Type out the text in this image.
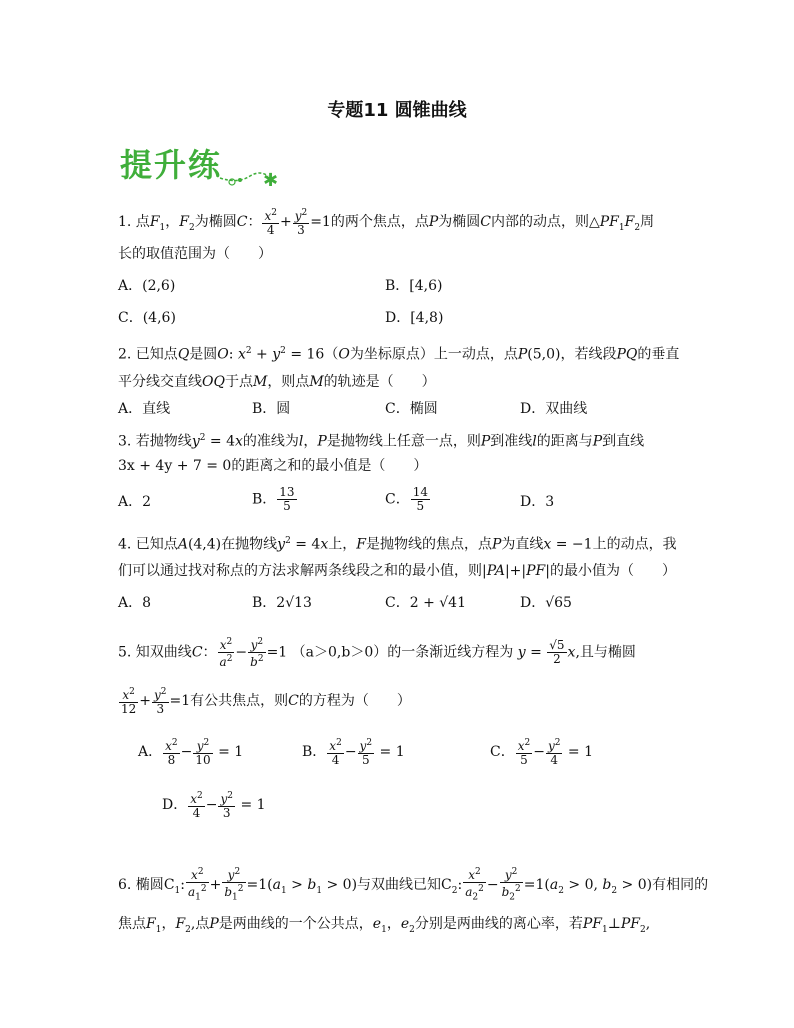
专题11 圆锥曲线
✱
提升练
1. 点$F_1$，$F_2$为椭圆C： $\frac{x^2}{4} + \frac{y^2}{3} =1$的两个焦点，点P为椭圆C内部的动点，则$\triangle PF_1F_2$周
长的取值范围为（　　）
A．(2,6)	B．[4,6)
C．(4,6)	D．[4,8)
2. 已知点Q是圆O: $x^2 + y^2 = 16(O$为坐标原点）上一动点，点P(5,0)，若线段PQ的垂直
平分线交直线OQ于点M，则点M的轨迹是（　　）
A．直线	B．圆	C．椭圆	D．双曲线
3. 若抛物线$y^2 = 4x$的准线为l，P是抛物线上任意一点，则P到准线l的距离与P到直线
3x + 4y + 7 = 0的距离之和的最小值是（　　）
A．2	B． $\frac{13}{5}$	C． $\frac{14}{5}$	D．3
4. 已知点A(4,4)在抛物线$y^2 = 4x$上，F是抛物线的焦点，点P为直线x = −1上的动点，我
们可以通过找对称点的方法求解两条线段之和的最小值，则|PA|+|PF|的最小值为（　　）
A．8	B．2√13	C．2 + √41	D．√65
5. 知双曲线C： $\frac{x^2}{a^2} - \frac{y^2}{b^2} =1$ （a＞0,b＞0）的一条渐近线方程为 $y = \frac{√5}{2} x$,且与椭圆
$\frac{x^2}{12} + \frac{y^2}{3} =1$有公共焦点，则C的方程为（　　）
A． $\frac{x^2}{8} - \frac{y^2}{10} = 1$	B． $\frac{x^2}{4} - \frac{y^2}{5} = 1$	C． $\frac{x^2}{5} - \frac{y^2}{4} = 1$
D． $\frac{x^2}{4} - \frac{y^2}{3} = 1$
6. 椭圆$C_1$: $\frac{x^2}{a_1^2} + \frac{y^2}{b_1^2} =1(a_1 > b_1 > 0)$与双曲线已知$C_2$: $\frac{x^2}{a_2^2} - \frac{y^2}{b_2^2} =1(a_2 > 0$, $b_2 > 0$)有相同的
焦点$F_1$，$F_2$,点P是两曲线的一个公共点，$e_1$，$e_2$分别是两曲线的离心率，若$PF_1\perp PF_2$,
